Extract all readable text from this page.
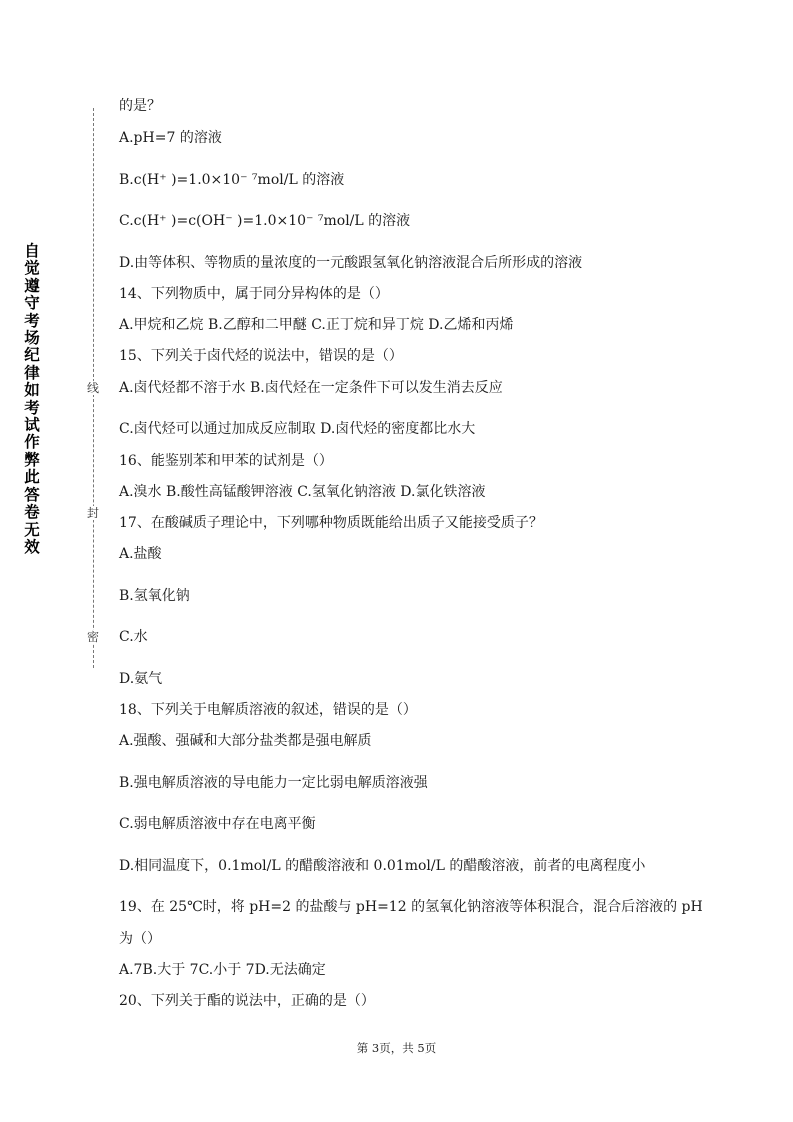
自觉遵守考场纪律如考试作弊此答卷无效
线
封
密

的是？

A.pH=7 的溶液

B.c(H⁺ )=1.0×10⁻ ⁷mol/L 的溶液

C.c(H⁺ )=c(OH⁻ )=1.0×10⁻ ⁷mol/L 的溶液

D.由等体积、等物质的量浓度的一元酸跟氢氧化钠溶液混合后所形成的溶液

14、下列物质中，属于同分异构体的是（）

A.甲烷和乙烷 B.乙醇和二甲醚 C.正丁烷和异丁烷 D.乙烯和丙烯

15、下列关于卤代烃的说法中，错误的是（）

A.卤代烃都不溶于水 B.卤代烃在一定条件下可以发生消去反应

C.卤代烃可以通过加成反应制取 D.卤代烃的密度都比水大

16、能鉴别苯和甲苯的试剂是（）

A.溴水 B.酸性高锰酸钾溶液 C.氢氧化钠溶液 D.氯化铁溶液

17、在酸碱质子理论中，下列哪种物质既能给出质子又能接受质子？

A.盐酸

B.氢氧化钠

C.水

D.氨气

18、下列关于电解质溶液的叙述，错误的是（）

A.强酸、强碱和大部分盐类都是强电解质

B.强电解质溶液的导电能力一定比弱电解质溶液强

C.弱电解质溶液中存在电离平衡

D.相同温度下，0.1mol/L 的醋酸溶液和 0.01mol/L 的醋酸溶液，前者的电离程度小

19、在 25℃时，将 pH=2 的盐酸与 pH=12 的氢氧化钠溶液等体积混合，混合后溶液的 pH

为（）

A.7B.大于 7C.小于 7D.无法确定

20、下列关于酯的说法中，正确的是（）

第 3页，共 5页
